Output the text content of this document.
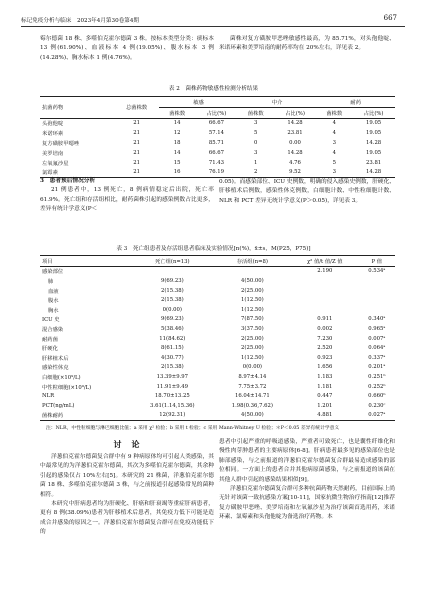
标记免疫分析与临床　2023年4月第30卷第4期	667

霉尔德菌 18 株、多噬伯克霍尔德菌 3 株。按标本类型分类：痰标本 13 例(61.90%)、血液标本 4 例(19.05%)、腹水标本 3 例(14.28%)、胸水标本 1 例(4.76%)。

菌株对复方磺胺甲恶唑敏感性最高，为 85.71%，对头孢他啶、米诺环素和美罗培南的耐药率均在 20%左右，详见表 2。

表 2　菌株药物敏感性检测分析结果
抗菌药物	总菌株数	敏感		中介		耐药	
		菌株数	占比(%)	菌株数	占比(%)	菌株数	占比(%)
头孢他啶	21	14	66.67	3	14.28	4	19.05
米诺环素	21	12	57.14	5	23.81	4	19.05
复方磺胺甲噁唑	21	18	85.71	0	0.00	3	14.28
美罗培南	21	14	66.67	3	14.28	4	19.05
左氧氟沙星	21	15	71.43	1	4.76	5	23.81
氯霉素	21	16	76.19	2	9.52	3	14.28
3　患者预后情况分析

21 例患者中，13 例死亡，8 例病情稳定后出院，死亡率 61.9%。死亡组和存活组相比，耐药菌株引起的感染例数占比更多，差异有统计学意义(P＜

0.05)。而感染部位、ICU 史例数，明确的侵入感染史例数，肝硬化、肝移植术后例数，感染性休克例数，白细胞计数、中性粒细胞计数、NLR 和 PCT 差异无统计学意义(P＞0.05)，详见表 3。

表 3　死亡组患者及存活组患者临床及实验情况[n(%)，x̄±s，M(P25，P75)]
项目	死亡组(n=13)	存活组(n=8)	χ² 值/t 值/Z 值	P 值
感染部位			2.190	0.534ᵃ
肺	9(69.23)	4(50.00)		
血液	2(15.38)	2(25.00)		
腹水	2(15.38)	1(12.50)		
胸水	0(0.00)	1(12.50)		
ICU 史	9(69.23)	7(87.50)	0.911	0.340ᵃ
混合感染	5(38.46)	3(37.50)	0.002	0.965ᵃ
耐药菌	11(84.62)	2(25.00)	7.230	0.007ᵃ
肝硬化	8(61.15)	2(25.00)	2.520	0.064ᵃ
肝移植术后	4(30.77)	1(12.50)	0.923	0.337ᵃ
感染性休克	2(15.38)	0(0.00)	1.656	0.201ᵃ
白细胞(×10⁹/L)	13.39±9.97	8.97±4.14	1.183	0.251ᵇ
中性粒细胞(×10⁹/L)	11.91±9.49	7.75±3.72	1.181	0.252ᵇ
NLR	18.70±13.25	16.04±14.71	0.447	0.660ᵇ
PCT(ng/mL)	3.61(1.14,15.36)	1.98(0.36,7.62)	1.201	0.230ᶜ
菌株耐药	12(92.31)	4(50.00)	4.881	0.027ᵃ
注：NLR，中性粒细胞与淋巴细胞比值；a 采用 χ² 检验；b 采用 t 检验；c 采用 Mann-Whitney U 检验；＊P＜0.05 差异有统计学意义
讨　论

洋葱伯克霍尔德菌复合群中有 9 种病原体均可引起人类感染，其中最常见的为洋葱伯克霍尔德菌，其次为多噬伯克霍尔德菌，其余种引起的感染仅占 10%左右[5]。本研究的 21 株菌，洋葱伯克霍尔德菌 18 株、多噬伯克霍尔德菌 3 株，与之前报道引起感染常见的菌种相符。

本研究中肝病患者均为肝硬化、肝癌和肝衰竭等重症肝病患者，更有 8 例(38.09%)患者为肝移植术后患者，其免疫力低下可能是造成合并感染的原因之一。洋葱伯克霍尔德菌复合群可在免疫功能低下的

患者中引起严重的呼吸道感染，严重者可致死亡，也是囊性纤维化和慢性肉芽肿患者的主要病原体[6-8]。肝病患者最多见的感染部位也是肺部感染，与之前报道的洋葱伯克霍尔德菌复合群最易造成感染的部位相同。一方面上的患者合并其他病原菌感染，与之前报道的该菌在其他人群中引起的感染结果相似[9]。

洋葱伯克霍尔德菌复合群可多种抗菌药物天然耐药，目前国际上尚无针对该菌一致抗感染方案[10-11]，国家抗微生物治疗指南[12]推荐复方磺胺甲恶唑、美罗培南和左氧氟沙星为治疗该菌首选用药，米诺环素、氯霉素和头孢他啶为备选治疗药物。本
